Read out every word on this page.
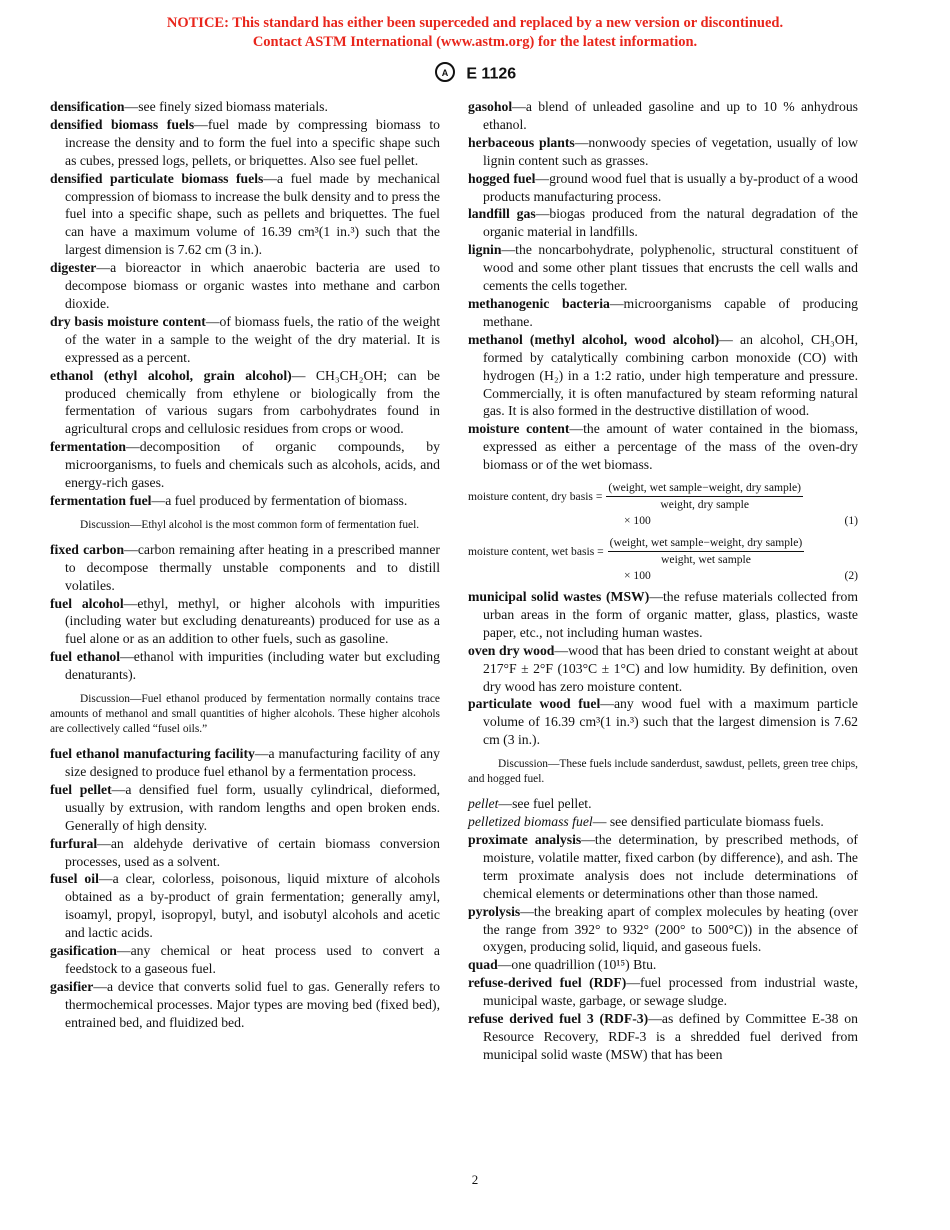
NOTICE: This standard has either been superceded and replaced by a new version or discontinued.
Contact ASTM International (www.astm.org) for the latest information.
A E 1126

densification—see finely sized biomass materials.

densified biomass fuels—fuel made by compressing biomass to increase the density and to form the fuel into a specific shape such as cubes, pressed logs, pellets, or briquettes. Also see fuel pellet.

densified particulate biomass fuels—a fuel made by mechanical compression of biomass to increase the bulk density and to press the fuel into a specific shape, such as pellets and briquettes. The fuel can have a maximum volume of 16.39 cm³(1 in.³) such that the largest dimension is 7.62 cm (3 in.).

digester—a bioreactor in which anaerobic bacteria are used to decompose biomass or organic wastes into methane and carbon dioxide.

dry basis moisture content—of biomass fuels, the ratio of the weight of the water in a sample to the weight of the dry material. It is expressed as a percent.

ethanol (ethyl alcohol, grain alcohol)— CH₃CH₂OH; can be produced chemically from ethylene or biologically from the fermentation of various sugars from carbohydrates found in agricultural crops and cellulosic residues from crops or wood.

fermentation—decomposition of organic compounds, by microorganisms, to fuels and chemicals such as alcohols, acids, and energy-rich gases.

fermentation fuel—a fuel produced by fermentation of biomass.

Discussion—Ethyl alcohol is the most common form of fermentation fuel.

fixed carbon—carbon remaining after heating in a prescribed manner to decompose thermally unstable components and to distill volatiles.

fuel alcohol—ethyl, methyl, or higher alcohols with impurities (including water but excluding denatureants) produced for use as a fuel alone or as an addition to other fuels, such as gasoline.

fuel ethanol—ethanol with impurities (including water but excluding denaturants).

Discussion—Fuel ethanol produced by fermentation normally contains trace amounts of methanol and small quantities of higher alcohols. These higher alcohols are collectively called “fusel oils.”

fuel ethanol manufacturing facility—a manufacturing facility of any size designed to produce fuel ethanol by a fermentation process.

fuel pellet—a densified fuel form, usually cylindrical, dieformed, usually by extrusion, with random lengths and open broken ends. Generally of high density.

furfural—an aldehyde derivative of certain biomass conversion processes, used as a solvent.

fusel oil—a clear, colorless, poisonous, liquid mixture of alcohols obtained as a by-product of grain fermentation; generally amyl, isoamyl, propyl, isopropyl, butyl, and isobutyl alcohols and acetic and lactic acids.

gasification—any chemical or heat process used to convert a feedstock to a gaseous fuel.

gasifier—a device that converts solid fuel to gas. Generally refers to thermochemical processes. Major types are moving bed (fixed bed), entrained bed, and fluidized bed.

gasohol—a blend of unleaded gasoline and up to 10 % anhydrous ethanol.

herbaceous plants—nonwoody species of vegetation, usually of low lignin content such as grasses.

hogged fuel—ground wood fuel that is usually a by-product of a wood products manufacturing process.

landfill gas—biogas produced from the natural degradation of the organic material in landfills.

lignin—the noncarbohydrate, polyphenolic, structural constituent of wood and some other plant tissues that encrusts the cell walls and cements the cells together.

methanogenic bacteria—microorganisms capable of producing methane.

methanol (methyl alcohol, wood alcohol)— an alcohol, CH₃OH, formed by catalytically combining carbon monoxide (CO) with hydrogen (H₂) in a 1:2 ratio, under high temperature and pressure. Commercially, it is often manufactured by steam reforming natural gas. It is also formed in the destructive distillation of wood.

moisture content—the amount of water contained in the biomass, expressed as either a percentage of the mass of the oven-dry biomass or of the wet biomass.

moisture content, dry basis = $\frac{\text{(weight, wet sample−weight, dry sample)}}{\text{weight, dry sample}}$
× 100	(1)
moisture content, wet basis = $\frac{\text{(weight, wet sample−weight, dry sample)}}{\text{weight, wet sample}}$
× 100	(2)

municipal solid wastes (MSW)—the refuse materials collected from urban areas in the form of organic matter, glass, plastics, waste paper, etc., not including human wastes.

oven dry wood—wood that has been dried to constant weight at about 217°F ± 2°F (103°C ± 1°C) and low humidity. By definition, oven dry wood has zero moisture content.

particulate wood fuel—any wood fuel with a maximum particle volume of 16.39 cm³(1 in.³) such that the largest dimension is 7.62 cm (3 in.).

Discussion—These fuels include sanderdust, sawdust, pellets, green tree chips, and hogged fuel.

pellet—see fuel pellet.

pelletized biomass fuel— see densified particulate biomass fuels.

proximate analysis—the determination, by prescribed methods, of moisture, volatile matter, fixed carbon (by difference), and ash. The term proximate analysis does not include determinations of chemical elements or determinations other than those named.

pyrolysis—the breaking apart of complex molecules by heating (over the range from 392° to 932° (200° to 500°C)) in the absence of oxygen, producing solid, liquid, and gaseous fuels.

quad—one quadrillion (10¹⁵) Btu.

refuse-derived fuel (RDF)—fuel processed from industrial waste, municipal waste, garbage, or sewage sludge.

refuse derived fuel 3 (RDF-3)—as defined by Committee E-38 on Resource Recovery, RDF-3 is a shredded fuel derived from municipal solid waste (MSW) that has been

2
